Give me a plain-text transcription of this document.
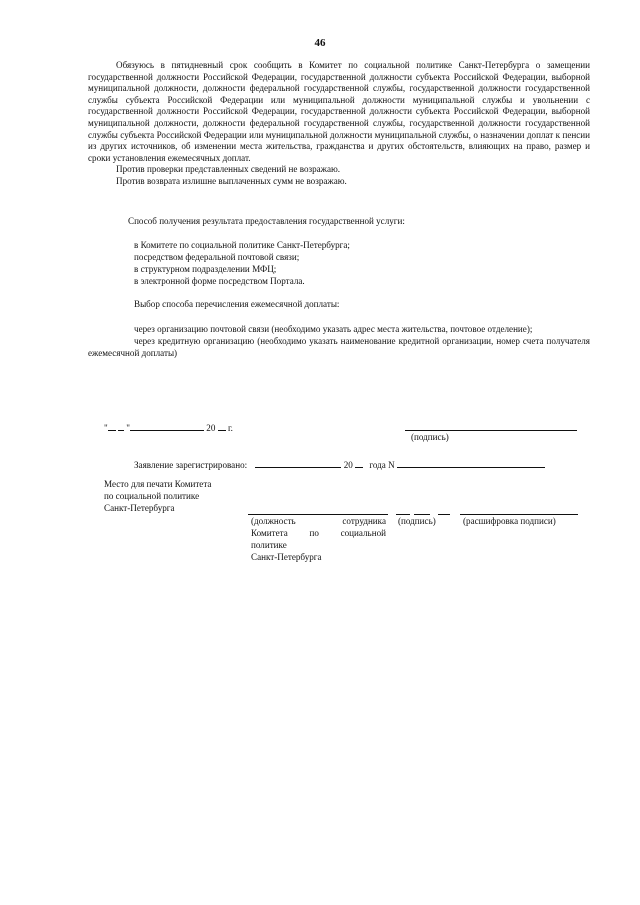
46

Обязуюсь в пятидневный срок сообщить в Комитет по социальной политике Санкт-Петербурга о замещении государственной должности Российской Федерации, государственной должности субъекта Российской Федерации, выборной муниципальной должности, должности федеральной государственной службы, государственной должности государственной службы субъекта Российской Федерации или муниципальной должности муниципальной службы и увольнении с государственной должности Российской Федерации, государственной должности субъекта Российской Федерации, выборной муниципальной должности, должности федеральной государственной службы, государственной должности государственной службы субъекта Российской Федерации или муниципальной должности муниципальной службы, о назначении доплат к пенсии из других источников, об изменении места жительства, гражданства и других обстоятельств, влияющих на право, размер и сроки установления ежемесячных доплат.

Против проверки представленных сведений не возражаю.

Против возврата излишне выплаченных сумм не возражаю.

Способ получения результата предоставления государственной услуги:
в Комитете по социальной политике Санкт-Петербурга;
посредством федеральной почтовой связи;
в структурном подразделении МФЦ;
в электронной форме посредством Портала.
Выбор способа перечисления ежемесячной доплаты:
через организацию почтовой связи (необходимо указать адрес места жительства, почтовое отделение);
через кредитную организацию (необходимо указать наименование кредитной организации, номер счета получателя ежемесячной доплаты)
" "	20 г.
(подпись)
Заявление зарегистрировано:	20 года N
Место для печати Комитета
по социальной политике
Санкт-Петербурга
(должность сотрудника
Комитета по социальной
политике
Санкт-Петербурга
(подпись)	(расшифровка подписи)
